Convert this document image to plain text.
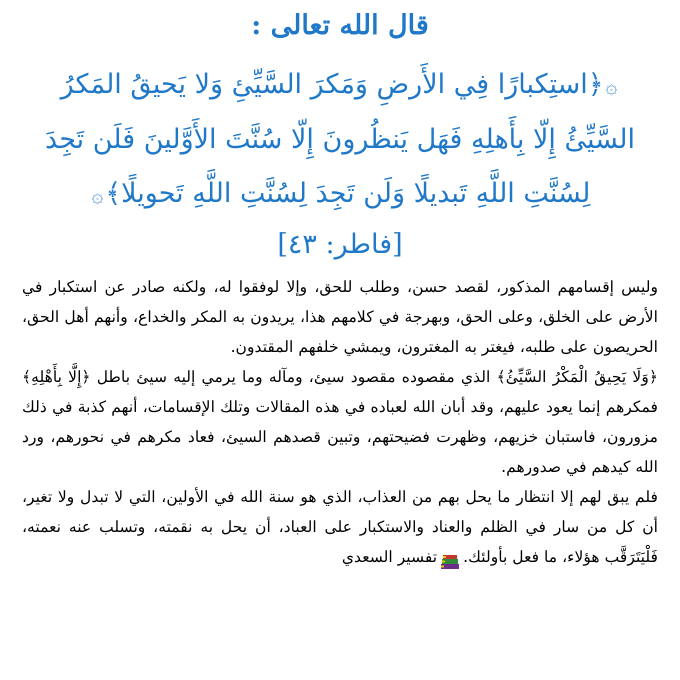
قال الله تعالى :
۞﴿استِكبارًا فِي الأَرضِ وَمَكرَ السَّيِّئِ وَلا يَحيقُ المَكرُ السَّيِّئُ إِلّا بِأَهلِهِ فَهَل يَنظُرونَ إِلّا سُنَّتَ الأَوَّلينَ فَلَن تَجِدَ لِسُنَّتِ اللَّهِ تَبديلًا وَلَن تَجِدَ لِسُنَّتِ اللَّهِ تَحويلًا﴾۞
[فاطر: ٤٣]

وليس إقسامهم المذكور، لقصد حسن، وطلب للحق، وإلا لوفقوا له، ولكنه صادر عن استكبار في الأرض على الخلق، وعلى الحق، وبهرجة في كلامهم هذا، يريدون به المكر والخداع، وأنهم أهل الحق، الحريصون على طلبه، فيغتر به المغترون، ويمشي خلفهم المقتدون.

﴿وَلَا يَحِيقُ الْمَكْرُ السَّيِّئُ﴾ الذي مقصوده مقصود سيئ، ومآله وما يرمي إليه سيئ باطل ﴿إِلَّا بِأَهْلِهِ﴾ فمكرهم إنما يعود عليهم، وقد أبان الله لعباده في هذه المقالات وتلك الإقسامات، أنهم كذبة في ذلك مزورون، فاستبان خزيهم، وظهرت فضيحتهم، وتبين قصدهم السيئ، فعاد مكرهم في نحورهم، ورد الله كيدهم في صدورهم.

فلم يبق لهم إلا انتظار ما يحل بهم من العذاب، الذي هو سنة الله في الأولين، التي لا تبدل ولا تغير، أن كل من سار في الظلم والعناد والاستكبار على العباد، أن يحل به نقمته، وتسلب عنه نعمته، فَلْيَتَرَقَّب هؤلاء، ما فعل بأولئك.تفسير السعدي
